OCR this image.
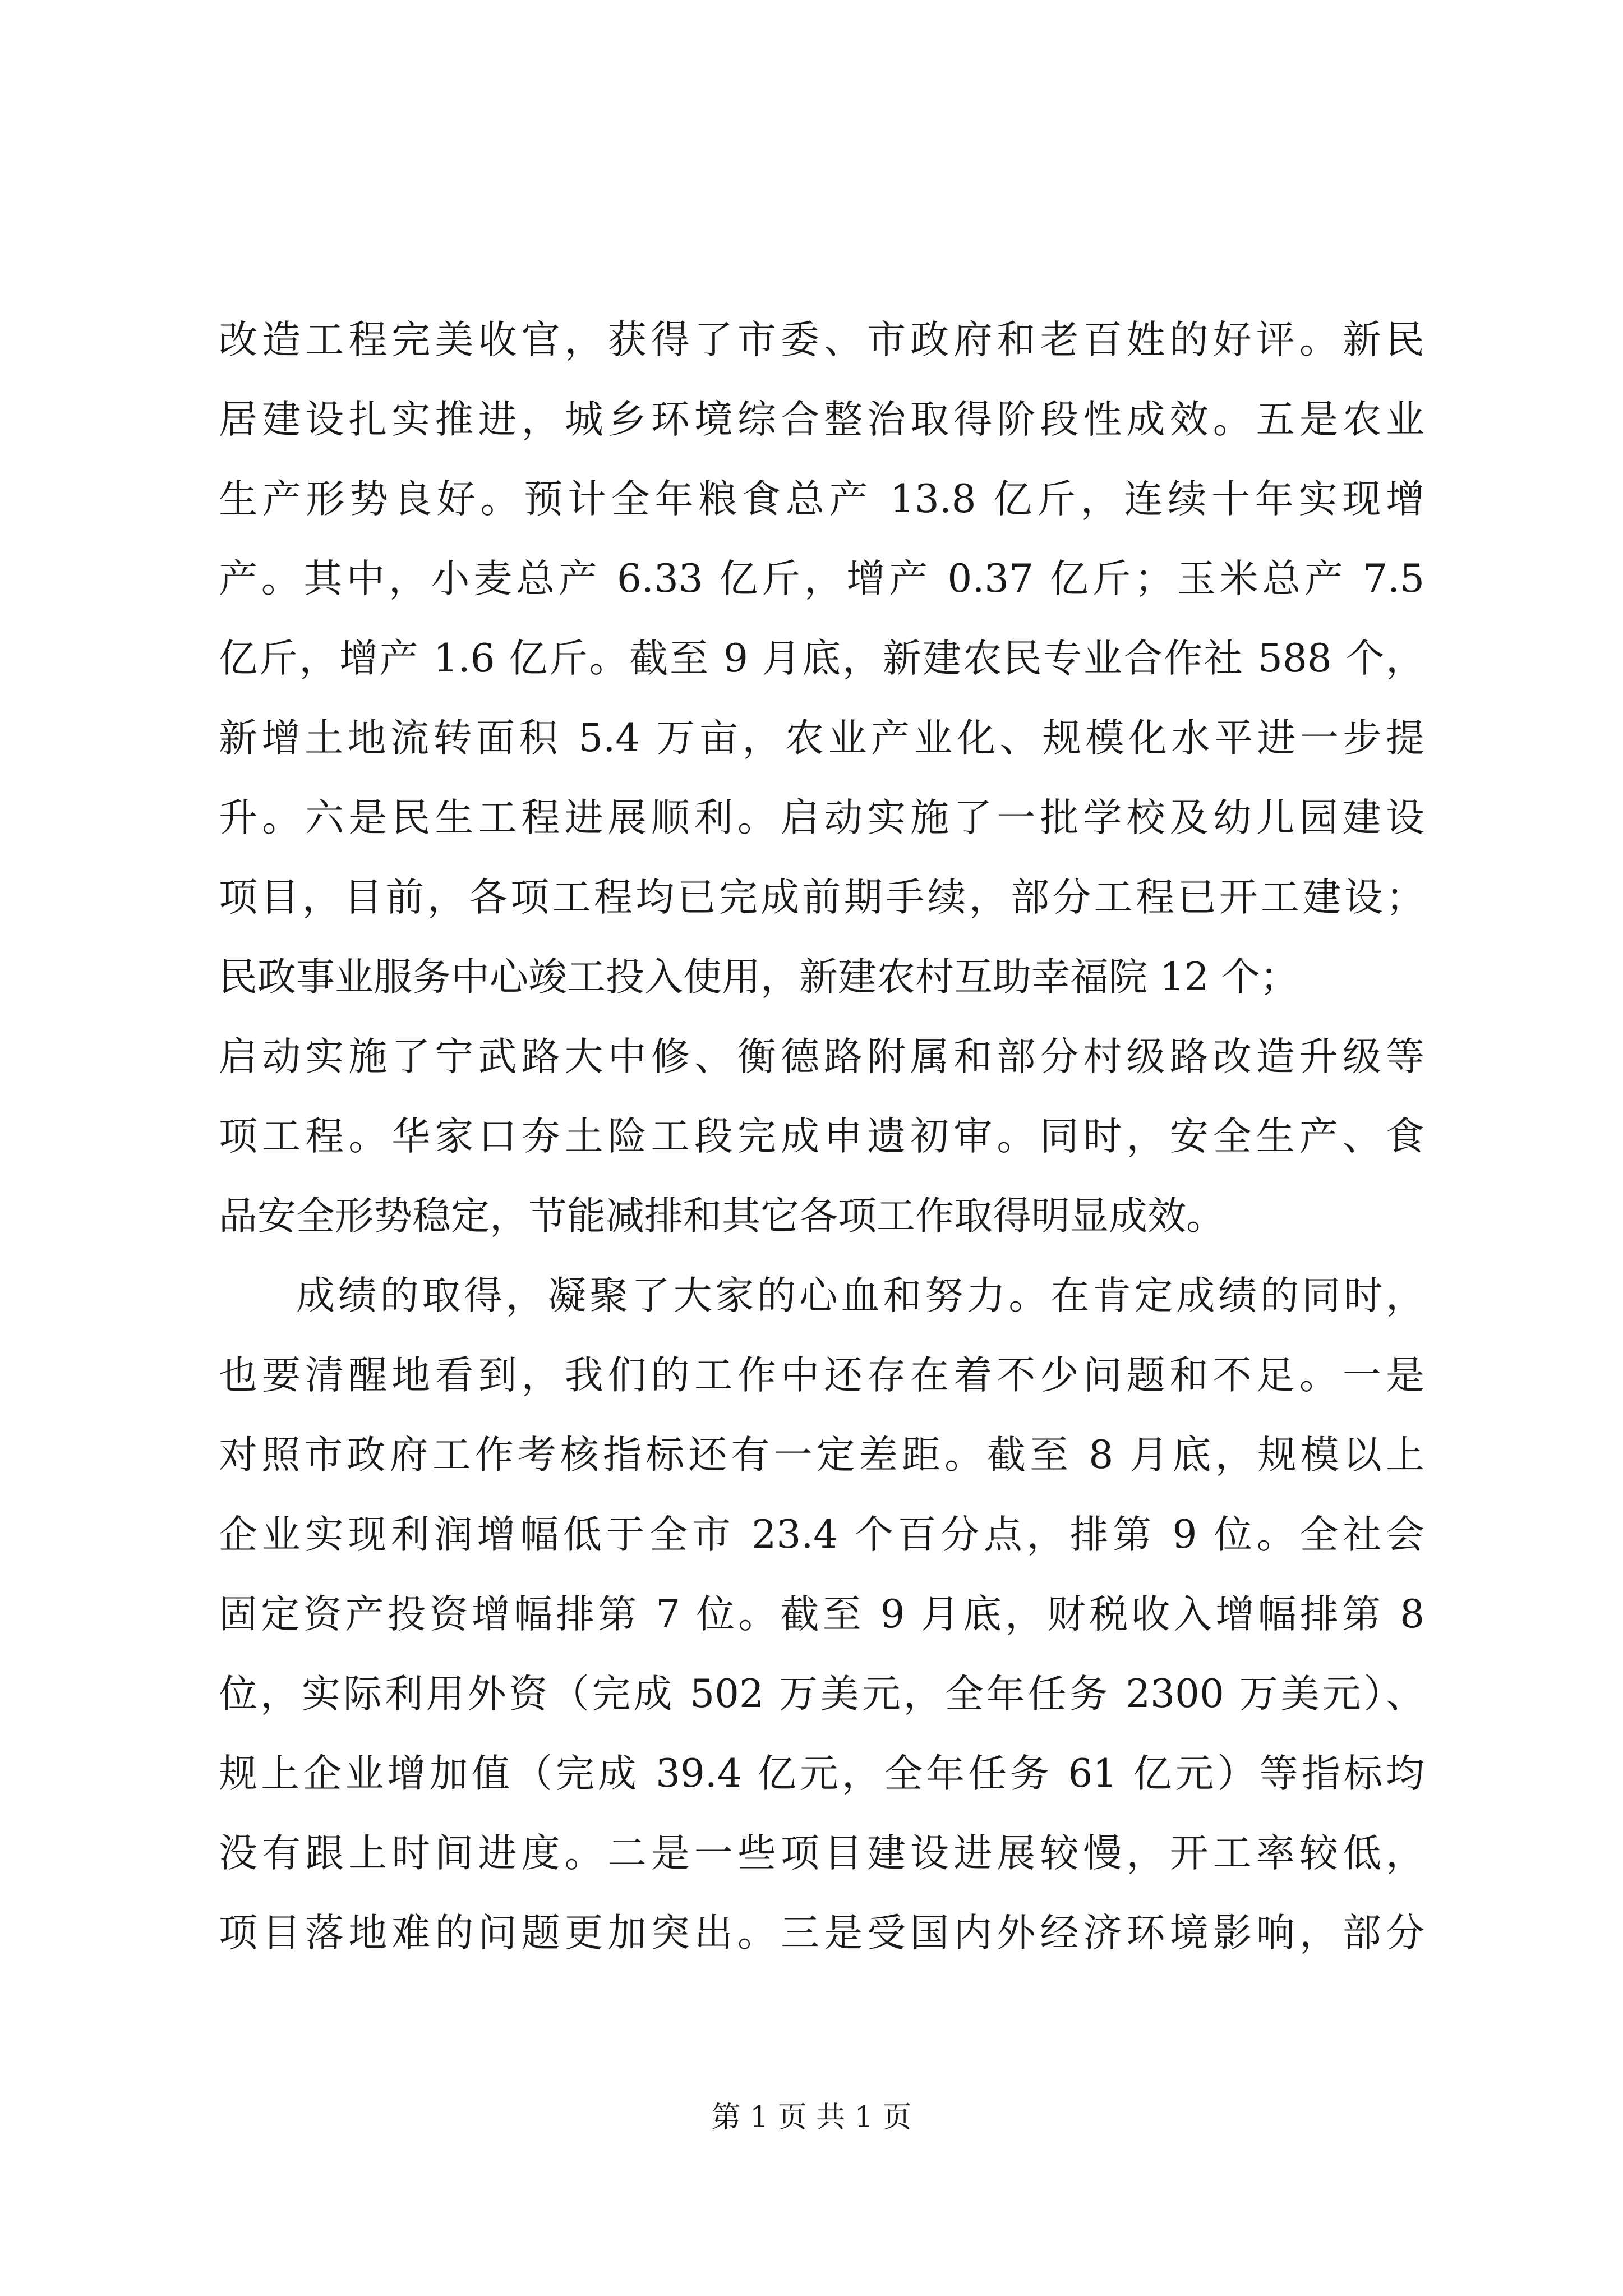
改造工程完美收官，获得了市委、市政府和老百姓的好评。新民
居建设扎实推进，城乡环境综合整治取得阶段性成效。五是农业
生产形势良好。预计全年粮食总产 13.8 亿斤，连续十年实现增
产。其中，小麦总产 6.33 亿斤，增产 0.37 亿斤；玉米总产 7.5
亿斤，增产 1.6 亿斤。截至 9 月底，新建农民专业合作社 588 个，
新增土地流转面积 5.4 万亩，农业产业化、规模化水平进一步提
升。六是民生工程进展顺利。启动实施了一批学校及幼儿园建设
项目，目前，各项工程均已完成前期手续，部分工程已开工建设；
民政事业服务中心竣工投入使用，新建农村互助幸福院 12 个；
启动实施了宁武路大中修、衡德路附属和部分村级路改造升级等
项工程。华家口夯土险工段完成申遗初审。同时，安全生产、食
品安全形势稳定，节能减排和其它各项工作取得明显成效。
成绩的取得，凝聚了大家的心血和努力。在肯定成绩的同时，
也要清醒地看到，我们的工作中还存在着不少问题和不足。一是
对照市政府工作考核指标还有一定差距。截至 8 月底，规模以上
企业实现利润增幅低于全市 23.4 个百分点，排第 9 位。全社会
固定资产投资增幅排第 7 位。截至 9 月底，财税收入增幅排第 8
位，实际利用外资（完成 502 万美元，全年任务 2300 万美元）、
规上企业增加值（完成 39.4 亿元，全年任务 61 亿元）等指标均
没有跟上时间进度。二是一些项目建设进展较慢，开工率较低，
项目落地难的问题更加突出。三是受国内外经济环境影响，部分
第 1 页 共 1 页
